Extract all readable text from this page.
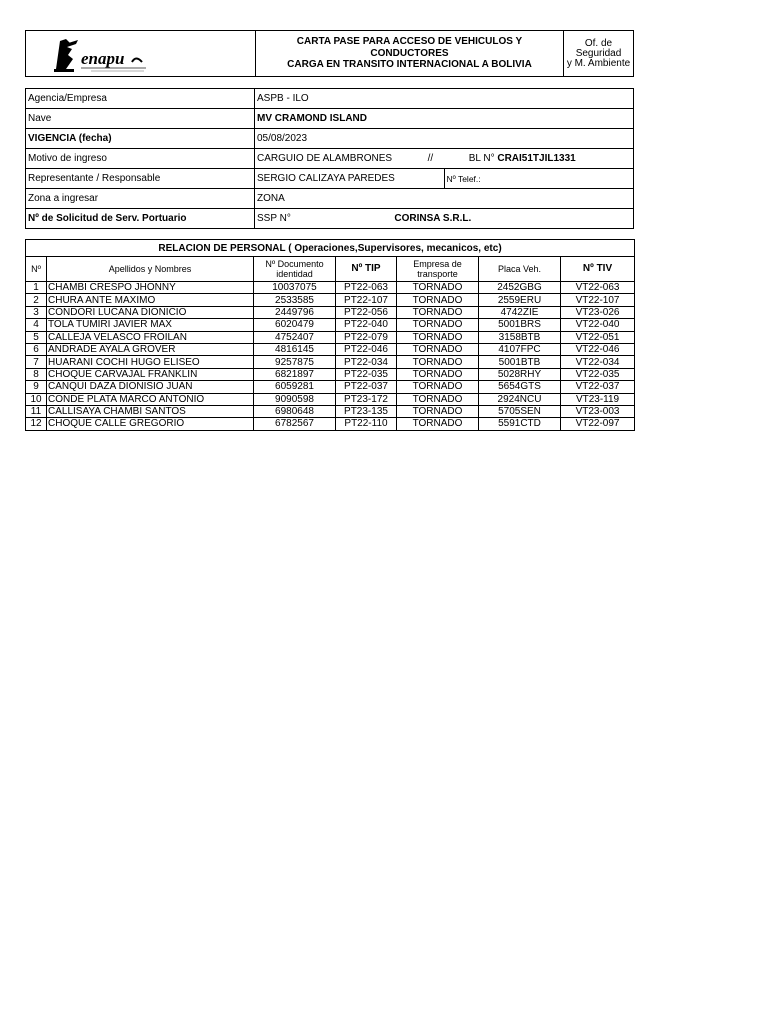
enapu

CARTA PASE PARA ACCESO DE VEHICULOS Y
CONDUCTORES
CARGA EN TRANSITO INTERNACIONAL A BOLIVIA

Of. de Seguridad
y M. Ambiente
Agencia/Empresa	ASPB - ILO	
Nave	MV CRAMOND ISLAND	
VIGENCIA (fecha)	05/08/2023	
Motivo de ingreso	CARGUIO DE ALAMBRONES // BL N° CRAI51TJIL1331	
Representante / Responsable	SERGIO CALIZAYA PAREDES	Nº Telef.:
Zona a ingresar	ZONA	
Nº de Solicitud de Serv. Portuario	SSP N° CORINSA S.R.L.	
RELACION DE PERSONAL ( Operaciones,Supervisores, mecanicos, etc)						
Nº	Apellidos y Nombres	Nº Documento identidad	Nº TIP	Empresa de transporte	Placa Veh.	Nº TIV
1	CHAMBI CRESPO JHONNY	10037075	PT22-063	TORNADO	2452GBG	VT22-063
2	CHURA ANTE MAXIMO	2533585	PT22-107	TORNADO	2559ERU	VT22-107
3	CONDORI LUCANA DIONICIO	2449796	PT22-056	TORNADO	4742ZIE	VT23-026
4	TOLA TUMIRI JAVIER MAX	6020479	PT22-040	TORNADO	5001BRS	VT22-040
5	CALLEJA VELASCO FROILAN	4752407	PT22-079	TORNADO	3158BTB	VT22-051
6	ANDRADE AYALA GROVER	4816145	PT22-046	TORNADO	4107FPC	VT22-046
7	HUARANI COCHI HUGO ELISEO	9257875	PT22-034	TORNADO	5001BTB	VT22-034
8	CHOQUE CARVAJAL FRANKLIN	6821897	PT22-035	TORNADO	5028RHY	VT22-035
9	CANQUI DAZA DIONISIO JUAN	6059281	PT22-037	TORNADO	5654GTS	VT22-037
10	CONDE PLATA MARCO ANTONIO	9090598	PT23-172	TORNADO	2924NCU	VT23-119
11	CALLISAYA CHAMBI SANTOS	6980648	PT23-135	TORNADO	5705SEN	VT23-003
12	CHOQUE CALLE GREGORIO	6782567	PT22-110	TORNADO	5591CTD	VT22-097
